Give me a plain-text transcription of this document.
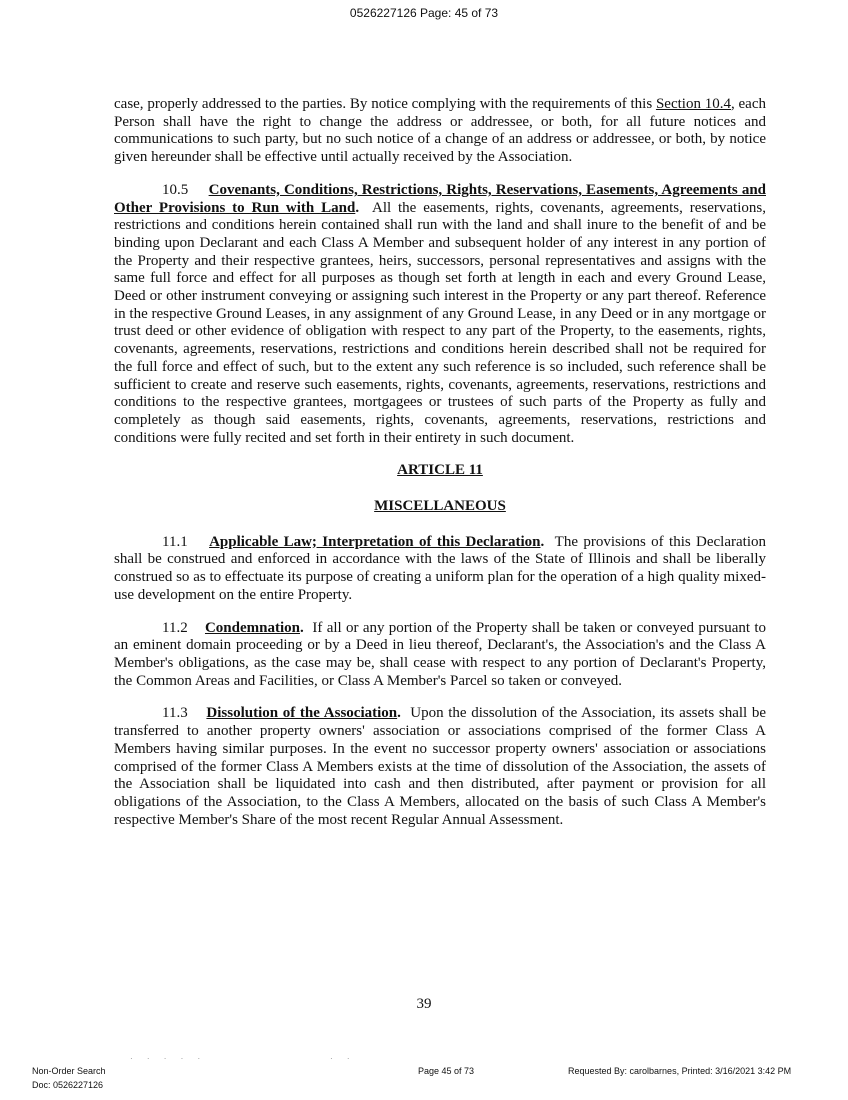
0526227126 Page: 45 of 73

case, properly addressed to the parties. By notice complying with the requirements of this Section 10.4, each Person shall have the right to change the address or addressee, or both, for all future notices and communications to such party, but no such notice of a change of an address or addressee, or both, by notice given hereunder shall be effective until actually received by the Association.

10.5 Covenants, Conditions, Restrictions, Rights, Reservations, Easements, Agreements and Other Provisions to Run with Land. All the easements, rights, covenants, agreements, reservations, restrictions and conditions herein contained shall run with the land and shall inure to the benefit of and be binding upon Declarant and each Class A Member and subsequent holder of any interest in any portion of the Property and their respective grantees, heirs, successors, personal representatives and assigns with the same full force and effect for all purposes as though set forth at length in each and every Ground Lease, Deed or other instrument conveying or assigning such interest in the Property or any part thereof. Reference in the respective Ground Leases, in any assignment of any Ground Lease, in any Deed or in any mortgage or trust deed or other evidence of obligation with respect to any part of the Property, to the easements, rights, covenants, agreements, reservations, restrictions and conditions herein described shall not be required for the full force and effect of such, but to the extent any such reference is so included, such reference shall be sufficient to create and reserve such easements, rights, covenants, agreements, reservations, restrictions and conditions to the respective grantees, mortgagees or trustees of such parts of the Property as fully and completely as though said easements, rights, covenants, agreements, reservations, restrictions and conditions were fully recited and set forth in their entirety in such document.

ARTICLE 11
MISCELLANEOUS

11.1 Applicable Law; Interpretation of this Declaration. The provisions of this Declaration shall be construed and enforced in accordance with the laws of the State of Illinois and shall be liberally construed so as to effectuate its purpose of creating a uniform plan for the operation of a high quality mixed-use development on the entire Property.

11.2 Condemnation. If all or any portion of the Property shall be taken or conveyed pursuant to an eminent domain proceeding or by a Deed in lieu thereof, Declarant's, the Association's and the Class A Member's obligations, as the case may be, shall cease with respect to any portion of Declarant's Property, the Common Areas and Facilities, or Class A Member's Parcel so taken or conveyed.

11.3 Dissolution of the Association. Upon the dissolution of the Association, its assets shall be transferred to another property owners' association or associations comprised of the former Class A Members having similar purposes. In the event no successor property owners' association or associations comprised of the former Class A Members exists at the time of dissolution of the Association, the assets of the Association shall be liquidated into cash and then distributed, after payment or provision for all obligations of the Association, to the Class A Members, allocated on the basis of such Class A Member's respective Member's Share of the most recent Regular Annual Assessment.

39
· · · · ·	· ·
Non-Order Search
Doc: 0526227126
Page 45 of 73	Requested By: carolbarnes, Printed: 3/16/2021 3:42 PM
